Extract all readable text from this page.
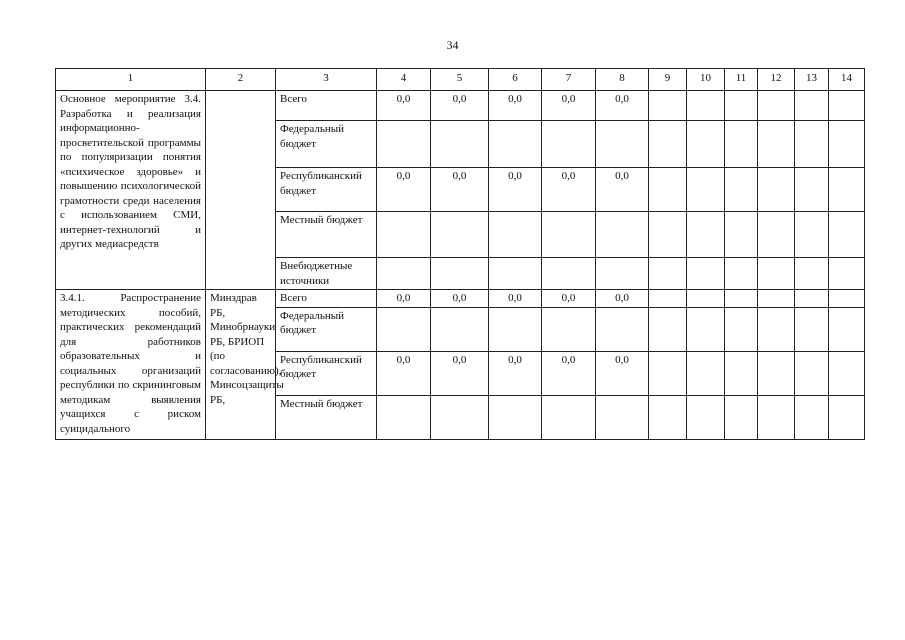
34
1	2	3	4	5	6	7	8	9	10	11	12	13	14
Основное мероприятие 3.4. Разработка и реализация информационно-просветительской программы по популяризации понятия «психическое здоровье» и повышению психологической грамотности среди населения с использованием СМИ, интернет-технологий и других медиасредств		Всего	0,0	0,0	0,0	0,0	0,0						
		Федеральный бюджет											
		Республиканский бюджет	0,0	0,0	0,0	0,0	0,0						
		Местный бюджет											
		Внебюджетные источники											
3.4.1. Распространение методических пособий, практических рекомендаций для работников образовательных и социальных организаций республики по скрининговым методикам выявления учащихся с риском суицидального	Минздрав РБ, Минобрнауки РБ, БРИОП (по согласованию), Минсоцзащиты РБ,	Всего	0,0	0,0	0,0	0,0	0,0						
		Федеральный бюджет											
		Республиканский бюджет	0,0	0,0	0,0	0,0	0,0						
		Местный бюджет											
